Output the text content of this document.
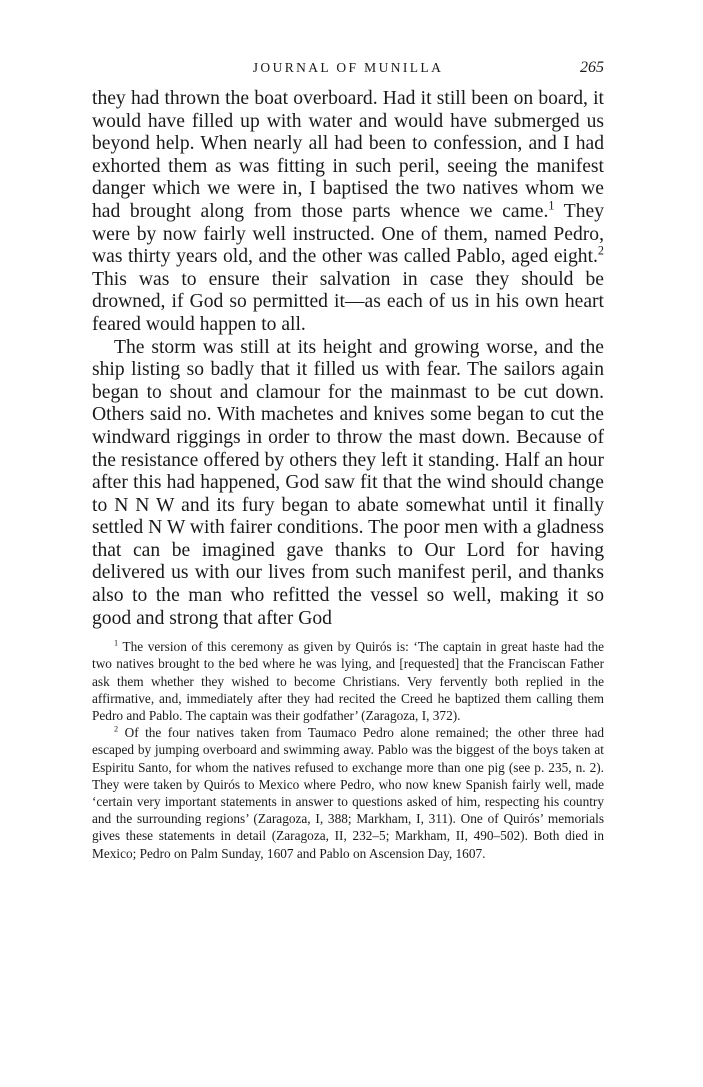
JOURNAL OF MUNILLA	265

they had thrown the boat overboard. Had it still been on board, it would have filled up with water and would have submerged us beyond help. When nearly all had been to confession, and I had exhorted them as was fitting in such peril, seeing the manifest danger which we were in, I baptised the two natives whom we had brought along from those parts whence we came.$^1$ They were by now fairly well instructed. One of them, named Pedro, was thirty years old, and the other was called Pablo, aged eight.$^2$ This was to ensure their salvation in case they should be drowned, if God so permitted it—as each of us in his own heart feared would happen to all.

The storm was still at its height and growing worse, and the ship listing so badly that it filled us with fear. The sailors again began to shout and clamour for the mainmast to be cut down. Others said no. With machetes and knives some began to cut the windward riggings in order to throw the mast down. Because of the resistance offered by others they left it standing. Half an hour after this had happened, God saw fit that the wind should change to N N W and its fury began to abate somewhat until it finally settled N W with fairer conditions. The poor men with a gladness that can be imagined gave thanks to Our Lord for having delivered us with our lives from such manifest peril, and thanks also to the man who refitted the vessel so well, making it so good and strong that after God

$^1$ The version of this ceremony as given by Quirós is: ‘The captain in great haste had the two natives brought to the bed where he was lying, and [requested] that the Franciscan Father ask them whether they wished to become Christians. Very fervently both replied in the affirmative, and, immediately after they had recited the Creed he baptized them calling them Pedro and Pablo. The captain was their godfather’ (Zaragoza, I, 372).

$^2$ Of the four natives taken from Taumaco Pedro alone remained; the other three had escaped by jumping overboard and swimming away. Pablo was the biggest of the boys taken at Espiritu Santo, for whom the natives refused to exchange more than one pig (see p. 235, n. 2). They were taken by Quirós to Mexico where Pedro, who now knew Spanish fairly well, made ‘certain very important statements in answer to questions asked of him, respecting his country and the surrounding regions’ (Zaragoza, I, 388; Markham, I, 311). One of Quirós’ memorials gives these statements in detail (Zaragoza, II, 232–5; Markham, II, 490–502). Both died in Mexico; Pedro on Palm Sunday, 1607 and Pablo on Ascension Day, 1607.
